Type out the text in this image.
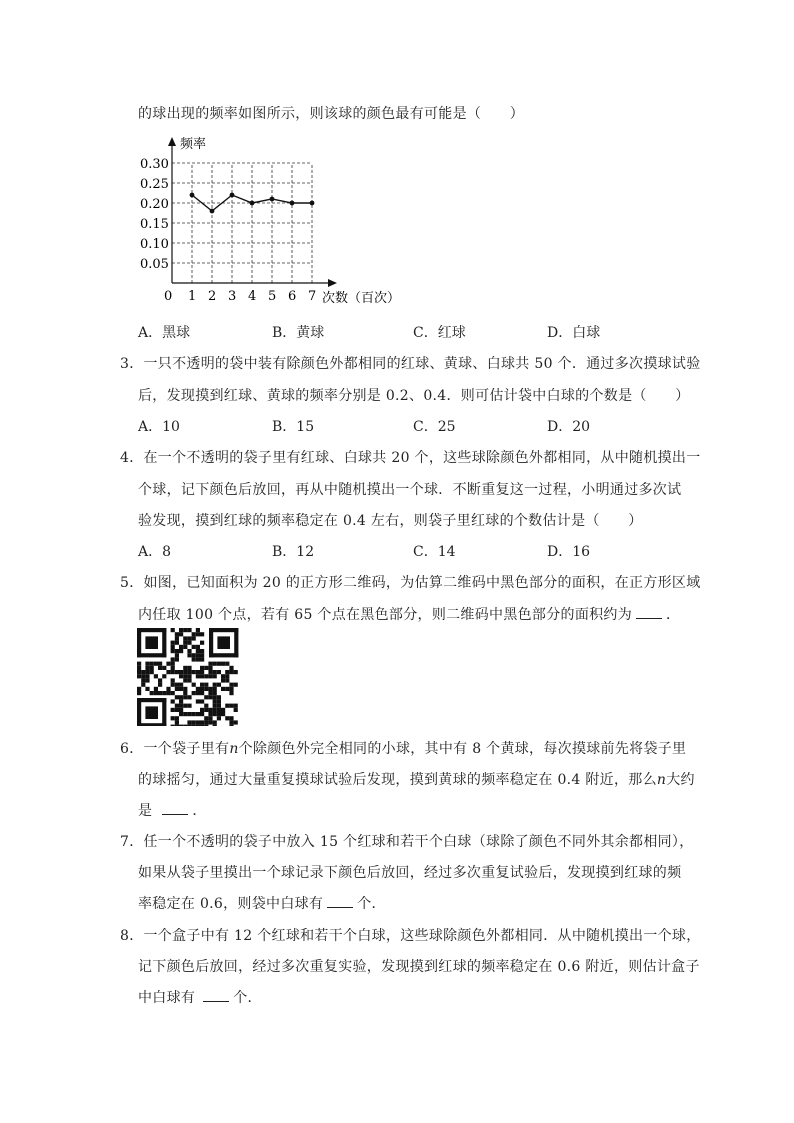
的球出现的频率如图所示，则该球的颜色最有可能是（　　）
0.05
0.10
0.15
0.20
0.25
0.30
1 2 3 4 5 6 7
频率
次数（百次）
0
A．黑球	B．黄球	C．红球	D．白球
3．一只不透明的袋中装有除颜色外都相同的红球、黄球、白球共 50 个．通过多次摸球试验
后，发现摸到红球、黄球的频率分别是 0.2、0.4．则可估计袋中白球的个数是（　　）
A．10	B．15	C．25	D．20
4．在一个不透明的袋子里有红球、白球共 20 个，这些球除颜色外都相同，从中随机摸出一
个球，记下颜色后放回，再从中随机摸出一个球．不断重复这一过程，小明通过多次试
验发现，摸到红球的频率稳定在 0.4 左右，则袋子里红球的个数估计是（　　）
A．8	B．12	C．14	D．16
5．如图，已知面积为 20 的正方形二维码，为估算二维码中黑色部分的面积，在正方形区域
内任取 100 个点，若有 65 个点在黑色部分，则二维码中黑色部分的面积约为 ．
6．一个袋子里有n个除颜色外完全相同的小球，其中有 8 个黄球，每次摸球前先将袋子里
的球摇匀，通过大量重复摸球试验后发现，摸到黄球的频率稳定在 0.4 附近，那么n大约
是	．
7．任一个不透明的袋子中放入 15 个红球和若干个白球（球除了颜色不同外其余都相同），
如果从袋子里摸出一个球记录下颜色后放回，经过多次重复试验后，发现摸到红球的频
率稳定在 0.6，则袋中白球有 个．
8．一个盒子中有 12 个红球和若干个白球，这些球除颜色外都相同．从中随机摸出一个球，
记下颜色后放回，经过多次重复实验，发现摸到红球的频率稳定在 0.6 附近，则估计盒子
中白球有	个．
